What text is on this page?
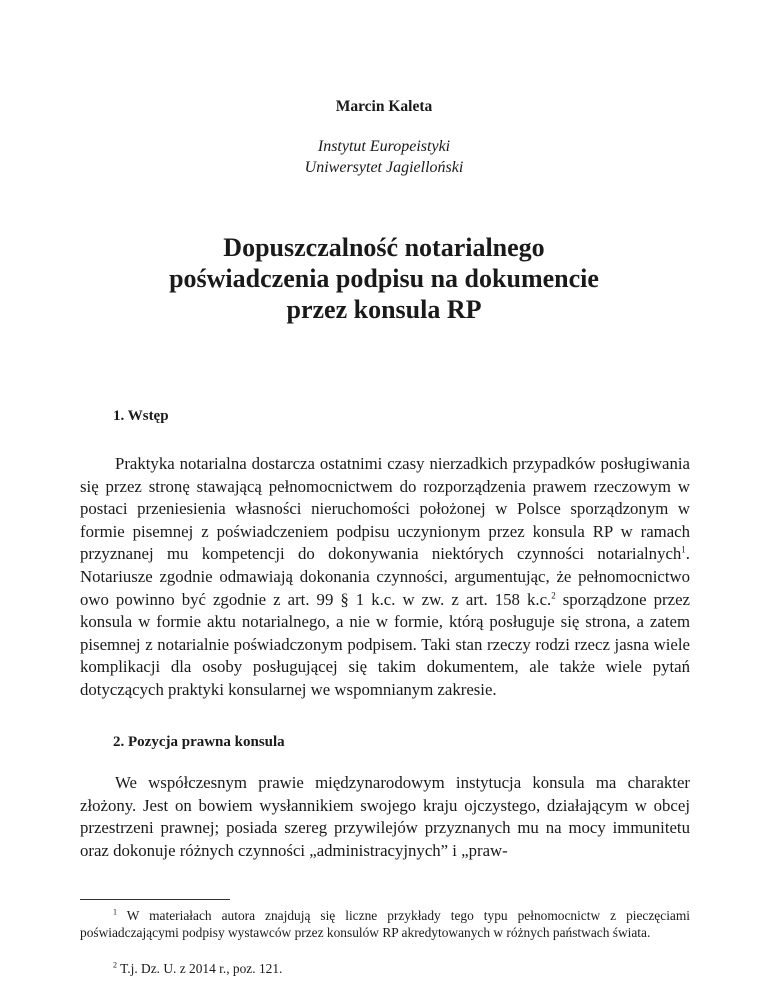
Marcin Kaleta
Instytut Europeistyki
Uniwersytet Jagielloński
Dopuszczalność notarialnego
poświadczenia podpisu na dokumencie
przez konsula RP
1. Wstęp

Praktyka notarialna dostarcza ostatnimi czasy nierzadkich przypadków posługiwania się przez stronę stawającą pełnomocnictwem do rozporządzenia prawem rzeczowym w postaci przeniesienia własności nieruchomości położonej w Polsce sporządzonym w formie pisemnej z poświadczeniem podpisu uczynionym przez konsula RP w ramach przyznanej mu kompetencji do dokonywania niektórych czynności notarialnych$^1$. Notariusze zgodnie odmawiają dokonania czynności, argumentując, że pełnomocnictwo owo powinno być zgodnie z art. 99 § 1 k.c. w zw. z art. 158 k.c.$^2$ sporządzone przez konsula w formie aktu notarialnego, a nie w formie, którą posługuje się strona, a zatem pisemnej z notarialnie poświadczonym podpisem. Taki stan rzeczy rodzi rzecz jasna wiele komplikacji dla osoby posługującej się takim dokumentem, ale także wiele pytań dotyczących praktyki konsularnej we wspomnianym zakresie.

2. Pozycja prawna konsula

We współczesnym prawie międzynarodowym instytucja konsula ma charakter złożony. Jest on bowiem wysłannikiem swojego kraju ojczystego, działającym w obcej przestrzeni prawnej; posiada szereg przywilejów przyznanych mu na mocy immunitetu oraz dokonuje różnych czynności „administracyjnych” i „praw-

$^1$ W materiałach autora znajdują się liczne przykłady tego typu pełnomocnictw z pieczęciami poświadczającymi podpisy wystawców przez konsulów RP akredytowanych w różnych państwach świata.

$^2$ T.j. Dz. U. z 2014 r., poz. 121.
